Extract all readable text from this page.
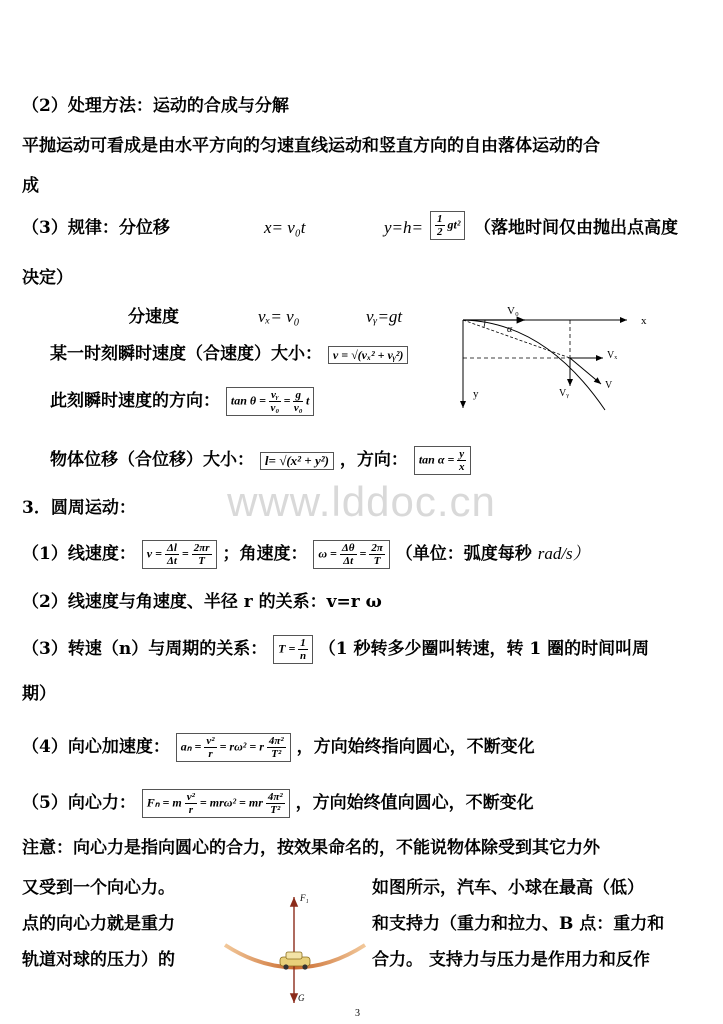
www.lddoc.cn
（2）处理方法：运动的合成与分解
平抛运动可看成是由水平方向的匀速直线运动和竖直方向的自由落体运动的合
成
（3）规律：分位移	x= v₀t	$y=h= \frac{1}{2} gt^2$ （落地时间仅由抛出点高度
决定）
分速度	vₓ= v₀	vᵧ=gt
某一时刻瞬时速度（合速度）大小： v = √(vₓ² + vᵧ²)
此刻瞬时速度的方向： $\tan \theta = \frac{\text{vᵧ}}{\text{v₀}} = \frac{g}{\text{v₀}}$ t
物体位移（合位移）大小： l= √(x² + y²) ，方向： $\tan \alpha = \frac{y}{x}$
V₀
x
α
Vₓ
V
Vᵧ
y
3．圆周运动：
（1）线速度： $v = \frac{\Delta l}{\Delta t} = \frac{2\pi r}{T}$ ；角速度： $\omega = \frac{\Delta\theta}{\Delta t} = \frac{2\pi}{T}$ （单位：弧度每秒 rad/s）
（2）线速度与角速度、半径 r 的关系：v=r ω
（3）转速（n）与周期的关系： $T = \frac{1}{n} (1$ 秒转多少圈叫转速，转 1 圈的时间叫周
期）
（4）向心加速度： $a_n = \frac{\text{v²}}{r} = r\omega^2 = r \frac{\text{4π²}}{\text{T²}}$ ，方向始终指向圆心，不断变化
（5）向心力： Fₙ = m $\frac{\text{v²}}{r} = mr\omega^2$ = mr $\frac{\text{4π²}}{\text{T²}}$ ，方向始终值向圆心，不断变化
注意：向心力是指向圆心的合力，按效果命名的，不能说物体除受到其它力外
又受到一个向心力。	如图所示，汽车、小球在最高（低）
点的向心力就是重力	和支持力（重力和拉力、B 点：重力和
轨道对球的压力）的	合力。 支持力与压力是作用力和反作
F₁
G
3
